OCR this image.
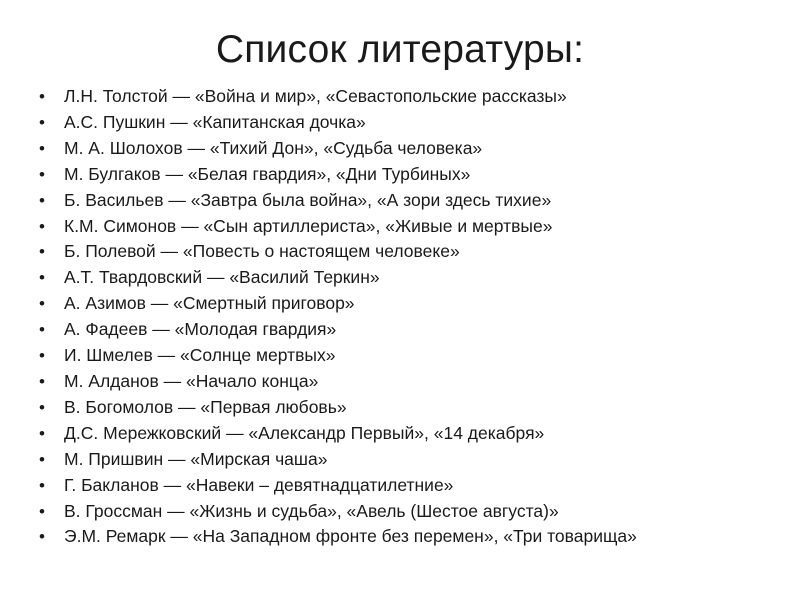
Список литературы:
• Л.Н. Толстой — «Война и мир», «Севастопольские рассказы»
• А.С. Пушкин — «Капитанская дочка»
• М. А. Шолохов — «Тихий Дон», «Судьба человека»
• М. Булгаков — «Белая гвардия», «Дни Турбиных»
• Б. Васильев — «Завтра была война», «А зори здесь тихие»
• К.М. Симонов — «Сын артиллериста», «Живые и мертвые»
• Б. Полевой — «Повесть о настоящем человеке»
• А.Т. Твардовский — «Василий Теркин»
• А. Азимов — «Смертный приговор»
• А. Фадеев — «Молодая гвардия»
• И. Шмелев — «Солнце мертвых»
• М. Алданов — «Начало конца»
• В. Богомолов — «Первая любовь»
• Д.С. Мережковский — «Александр Первый», «14 декабря»
• М. Пришвин — «Мирская чаша»
• Г. Бакланов — «Навеки – девятнадцатилетние»
• В. Гроссман — «Жизнь и судьба», «Авель (Шестое августа)»
• Э.М. Ремарк — «На Западном фронте без перемен», «Три товарища»
